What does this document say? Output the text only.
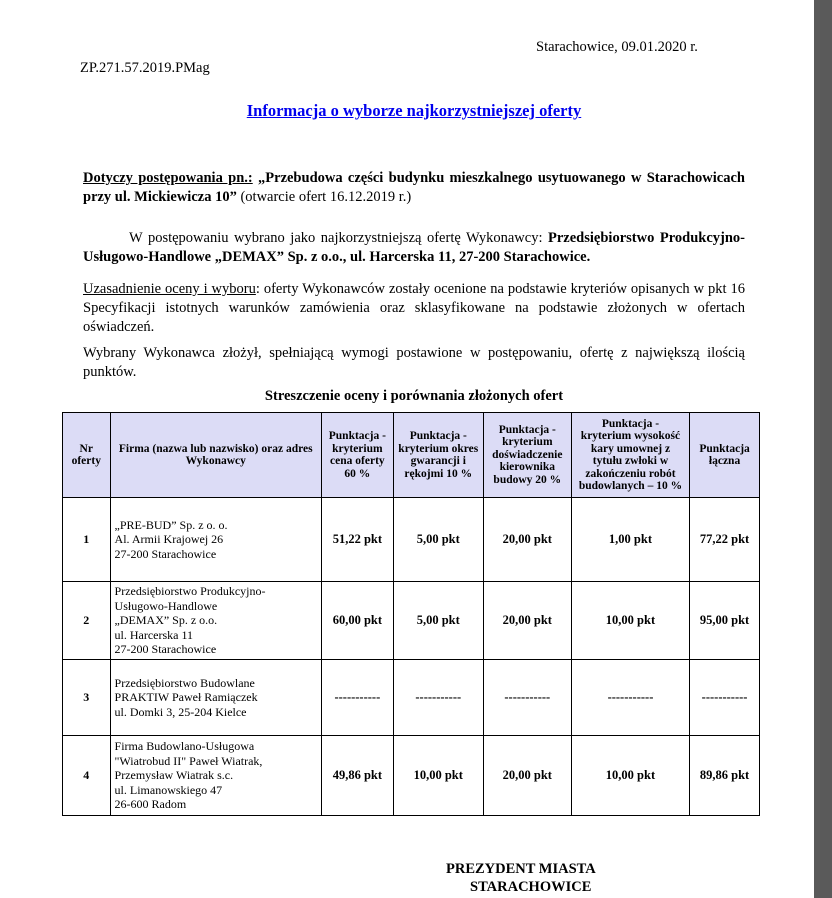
Starachowice, 09.01.2020 r.
ZP.271.57.2019.PMag
Informacja o wyborze najkorzystniejszej oferty
Dotyczy postępowania pn.: „Przebudowa części budynku mieszkalnego usytuowanego w Starachowicach przy ul. Mickiewicza 10” (otwarcie ofert 16.12.2019 r.)
W postępowaniu wybrano jako najkorzystniejszą ofertę Wykonawcy: Przedsiębiorstwo Produkcyjno-Usługowo-Handlowe „DEMAX” Sp. z o.o., ul. Harcerska 11, 27-200 Starachowice.
Uzasadnienie oceny i wyboru: oferty Wykonawców zostały ocenione na podstawie kryteriów opisanych w pkt 16 Specyfikacji istotnych warunków zamówienia oraz sklasyfikowane na podstawie złożonych w ofertach oświadczeń.
Wybrany Wykonawca złożył, spełniającą wymogi postawione w postępowaniu, ofertę z największą ilością punktów.
Streszczenie oceny i porównania złożonych ofert
Nr oferty	Firma (nazwa lub nazwisko) oraz adres Wykonawcy	Punktacja - kryterium cena oferty 60 %	Punktacja - kryterium okres gwarancji i rękojmi 10 %	Punktacja - kryterium doświadczenie kierownika budowy 20 %	Punktacja - kryterium wysokość kary umownej z tytułu zwłoki w zakończeniu robót budowlanych – 10 %	Punktacja łączna
1	„PRE-BUD” Sp. z o. o.
Al. Armii Krajowej 26
27-200 Starachowice	51,22 pkt	5,00 pkt	20,00 pkt	1,00 pkt	77,22 pkt
2	Przedsiębiorstwo Produkcyjno-
Usługowo-Handlowe
„DEMAX” Sp. z o.o.
ul. Harcerska 11
27-200 Starachowice	60,00 pkt	5,00 pkt	20,00 pkt	10,00 pkt	95,00 pkt
3	Przedsiębiorstwo Budowlane
PRAKTIW Paweł Ramiączek
ul. Domki 3, 25-204 Kielce	-----------	-----------	-----------	-----------	-----------
4	Firma Budowlano-Usługowa
"Wiatrobud II" Paweł Wiatrak,
Przemysław Wiatrak s.c.
ul. Limanowskiego 47
26-600 Radom	49,86 pkt	10,00 pkt	20,00 pkt	10,00 pkt	89,86 pkt
PREZYDENT MIASTA
STARACHOWICE
